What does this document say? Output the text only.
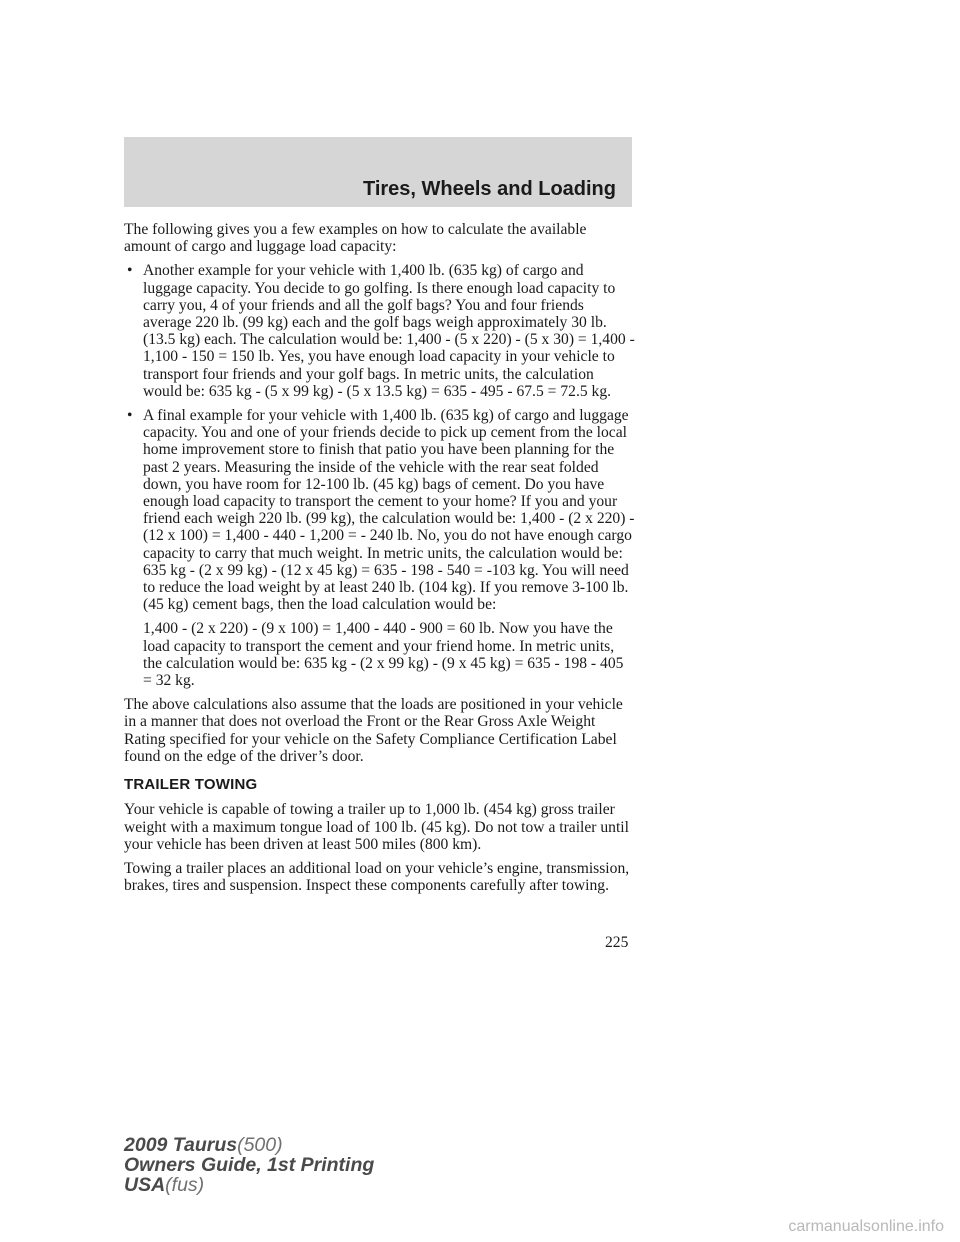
Tires, Wheels and Loading

The following gives you a few examples on how to calculate the available amount of cargo and luggage load capacity:

• Another example for your vehicle with 1,400 lb. (635 kg) of cargo and luggage capacity. You decide to go golfing. Is there enough load capacity to carry you, 4 of your friends and all the golf bags? You and four friends average 220 lb. (99 kg) each and the golf bags weigh approximately 30 lb. (13.5 kg) each. The calculation would be: 1,400 - (5 x 220) - (5 x 30) = 1,400 - 1,100 - 150 = 150 lb. Yes, you have enough load capacity in your vehicle to transport four friends and your golf bags. In metric units, the calculation would be: 635 kg - (5 x 99 kg) - (5 x 13.5 kg) = 635 - 495 - 67.5 = 72.5 kg.
• A final example for your vehicle with 1,400 lb. (635 kg) of cargo and luggage capacity. You and one of your friends decide to pick up cement from the local home improvement store to finish that patio you have been planning for the past 2 years. Measuring the inside of the vehicle with the rear seat folded down, you have room for 12-100 lb. (45 kg) bags of cement. Do you have enough load capacity to transport the cement to your home? If you and your friend each weigh 220 lb. (99 kg), the calculation would be: 1,400 - (2 x 220) - (12 x 100) = 1,400 - 440 - 1,200 = - 240 lb. No, you do not have enough cargo capacity to carry that much weight. In metric units, the calculation would be: 635 kg - (2 x 99 kg) - (12 x 45 kg) = 635 - 198 - 540 = -103 kg. You will need to reduce the load weight by at least 240 lb. (104 kg). If you remove 3-100 lb. (45 kg) cement bags, then the load calculation would be:

1,400 - (2 x 220) - (9 x 100) = 1,400 - 440 - 900 = 60 lb. Now you have the load capacity to transport the cement and your friend home. In metric units, the calculation would be: 635 kg - (2 x 99 kg) - (9 x 45 kg) = 635 - 198 - 405 = 32 kg.

The above calculations also assume that the loads are positioned in your vehicle in a manner that does not overload the Front or the Rear Gross Axle Weight Rating specified for your vehicle on the Safety Compliance Certification Label found on the edge of the driver’s door.

TRAILER TOWING

Your vehicle is capable of towing a trailer up to 1,000 lb. (454 kg) gross trailer weight with a maximum tongue load of 100 lb. (45 kg). Do not tow a trailer until your vehicle has been driven at least 500 miles (800 km).

Towing a trailer places an additional load on your vehicle’s engine, transmission, brakes, tires and suspension. Inspect these components carefully after towing.

225
2009 Taurus(500)
Owners Guide, 1st Printing
USA(fus)
carmanualsonline.info
